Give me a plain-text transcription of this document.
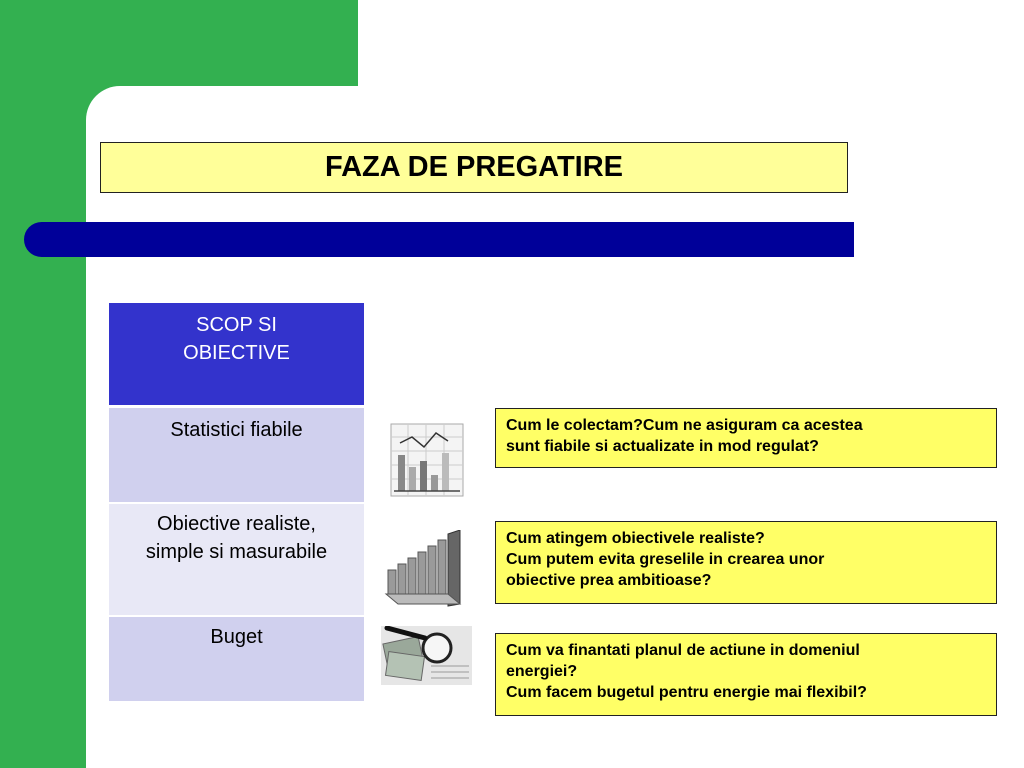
FAZA DE PREGATIRE
SCOP SI
OBIECTIVE
Statistici fiabile
Obiective realiste,
simple si masurabile
Buget
Cum le colectam?Cum ne asiguram ca acestea
sunt fiabile si actualizate in mod regulat?
Cum atingem obiectivele realiste?
Cum putem evita greselile in crearea unor
obiective prea ambitioase?
Cum va finantati planul de actiune in domeniul
energiei?
Cum facem bugetul pentru energie mai flexibil?
